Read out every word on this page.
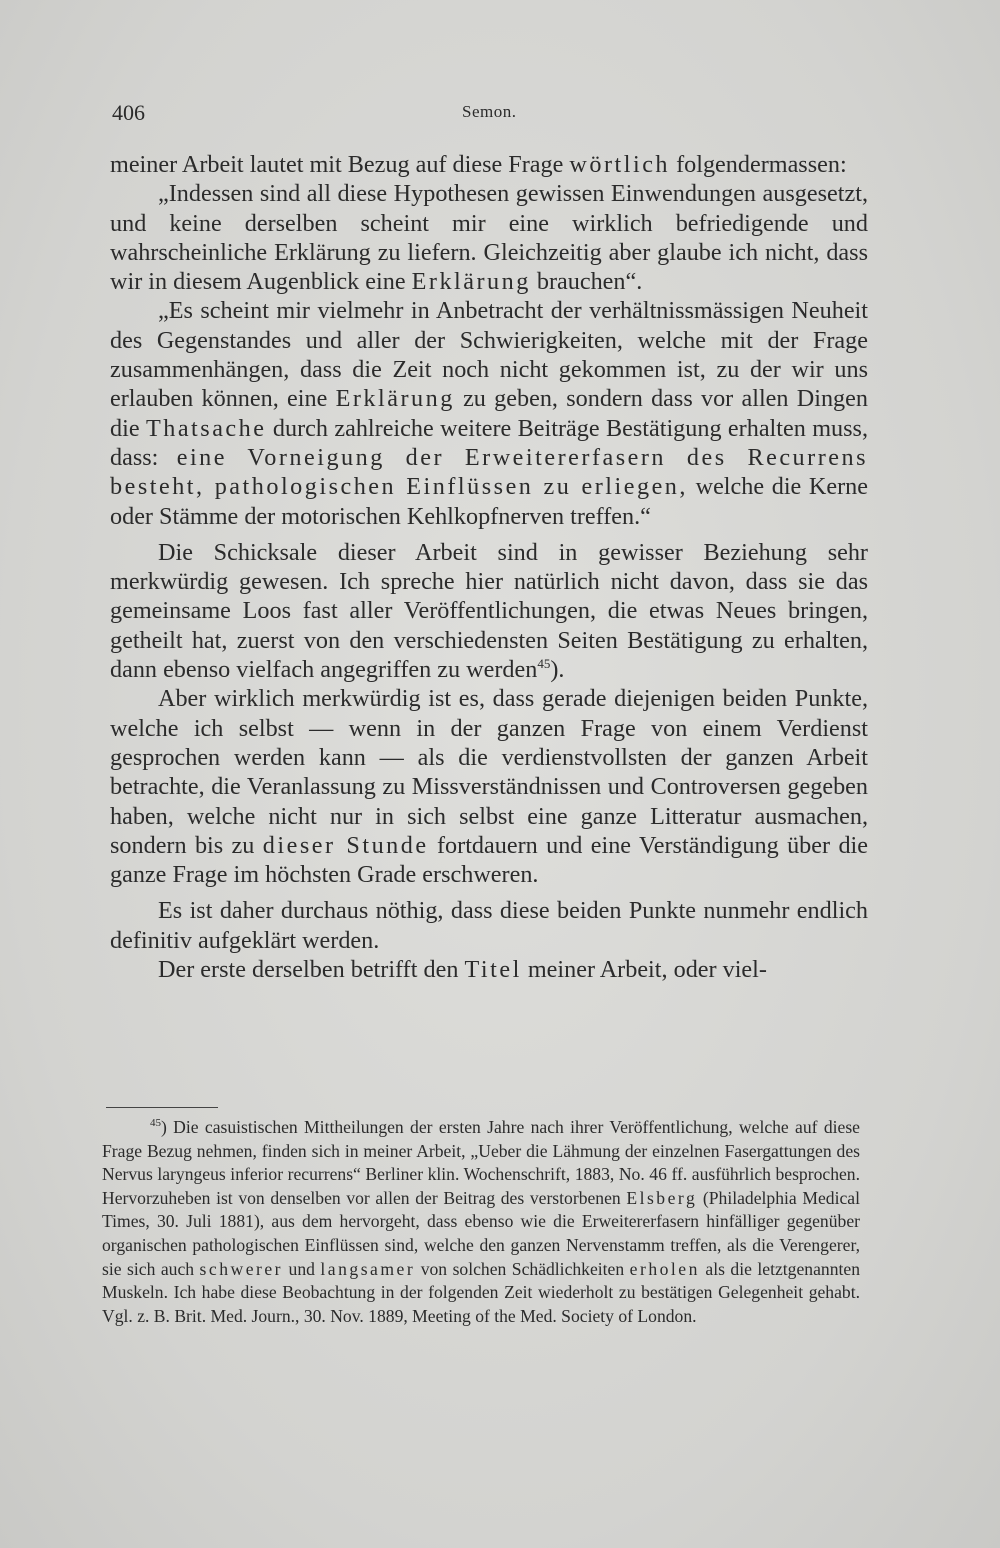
406	Semon.

meiner Arbeit lautet mit Bezug auf diese Frage wörtlich folgendermassen:

„Indessen sind all diese Hypothesen gewissen Einwendungen ausgesetzt, und keine derselben scheint mir eine wirklich befriedigende und wahrscheinliche Erklärung zu liefern. Gleichzeitig aber glaube ich nicht, dass wir in diesem Augenblick eine Erklärung brauchen“.

„Es scheint mir vielmehr in Anbetracht der verhältnissmässigen Neuheit des Gegenstandes und aller der Schwierigkeiten, welche mit der Frage zusammenhängen, dass die Zeit noch nicht gekommen ist, zu der wir uns erlauben können, eine Erklärung zu geben, sondern dass vor allen Dingen die Thatsache durch zahlreiche weitere Beiträge Bestätigung erhalten muss, dass: eine Vorneigung der Erweitererfasern des Recurrens besteht, pathologischen Einflüssen zu erliegen, welche die Kerne oder Stämme der motorischen Kehlkopfnerven treffen.“

Die Schicksale dieser Arbeit sind in gewisser Beziehung sehr merkwürdig gewesen. Ich spreche hier natürlich nicht davon, dass sie das gemeinsame Loos fast aller Veröffentlichungen, die etwas Neues bringen, getheilt hat, zuerst von den verschiedensten Seiten Bestätigung zu erhalten, dann ebenso vielfach angegriffen zu werden$^{45}$).

Aber wirklich merkwürdig ist es, dass gerade diejenigen beiden Punkte, welche ich selbst — wenn in der ganzen Frage von einem Verdienst gesprochen werden kann — als die verdienstvollsten der ganzen Arbeit betrachte, die Veranlassung zu Missverständnissen und Controversen gegeben haben, welche nicht nur in sich selbst eine ganze Litteratur ausmachen, sondern bis zu dieser Stunde fortdauern und eine Verständigung über die ganze Frage im höchsten Grade erschweren.

Es ist daher durchaus nöthig, dass diese beiden Punkte nunmehr endlich definitiv aufgeklärt werden.

Der erste derselben betrifft den Titel meiner Arbeit, oder viel-

$^{45}$) Die casuistischen Mittheilungen der ersten Jahre nach ihrer Veröffentlichung, welche auf diese Frage Bezug nehmen, finden sich in meiner Arbeit, „Ueber die Lähmung der einzelnen Fasergattungen des Nervus laryngeus inferior recurrens“ Berliner klin. Wochenschrift, 1883, No. 46 ff. ausführlich besprochen. Hervorzuheben ist von denselben vor allen der Beitrag des verstorbenen Elsberg (Philadelphia Medical Times, 30. Juli 1881), aus dem hervorgeht, dass ebenso wie die Erweitererfasern hinfälliger gegenüber organischen pathologischen Einflüssen sind, welche den ganzen Nervenstamm treffen, als die Verengerer, sie sich auch schwerer und langsamer von solchen Schädlichkeiten erholen als die letztgenannten Muskeln. Ich habe diese Beobachtung in der folgenden Zeit wiederholt zu bestätigen Gelegenheit gehabt. Vgl. z. B. Brit. Med. Journ., 30. Nov. 1889, Meeting of the Med. Society of London.
